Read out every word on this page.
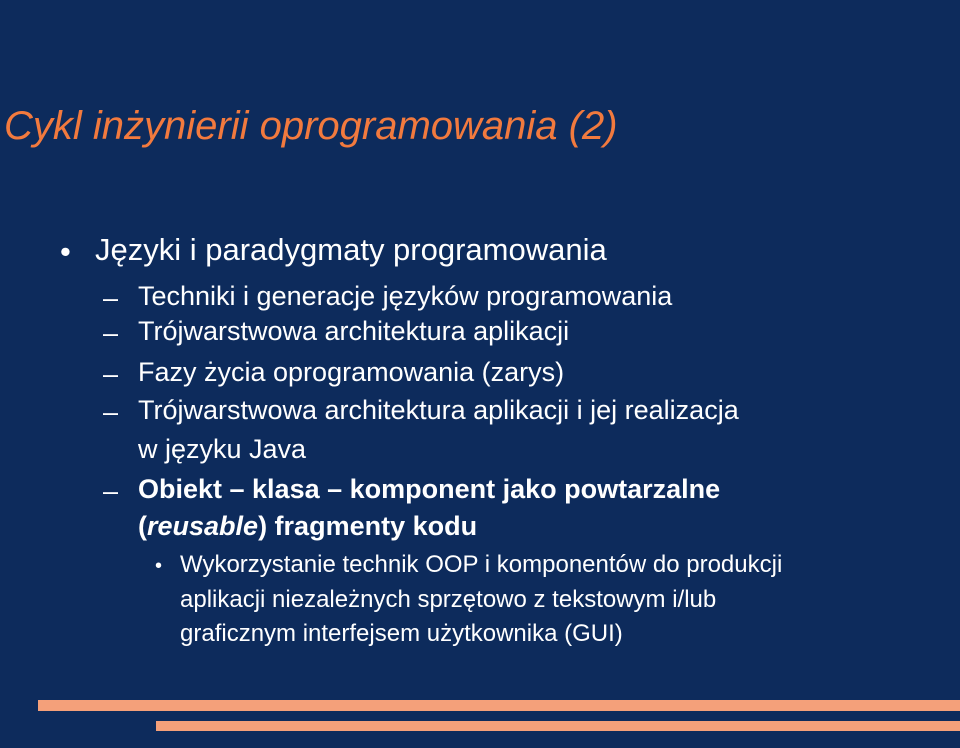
Cykl inżynierii oprogramowania (2)
• Języki i paradygmaty programowania
– Techniki i generacje języków programowania
– Trójwarstwowa architektura aplikacji
– Fazy życia oprogramowania (zarys)
– Trójwarstwowa architektura aplikacji i jej realizacja
w języku Java
– Obiekt – klasa – komponent jako powtarzalne
(reusable) fragmenty kodu
• Wykorzystanie technik OOP i komponentów do produkcji
aplikacji niezależnych sprzętowo z tekstowym i/lub
graficznym interfejsem użytkownika (GUI)
